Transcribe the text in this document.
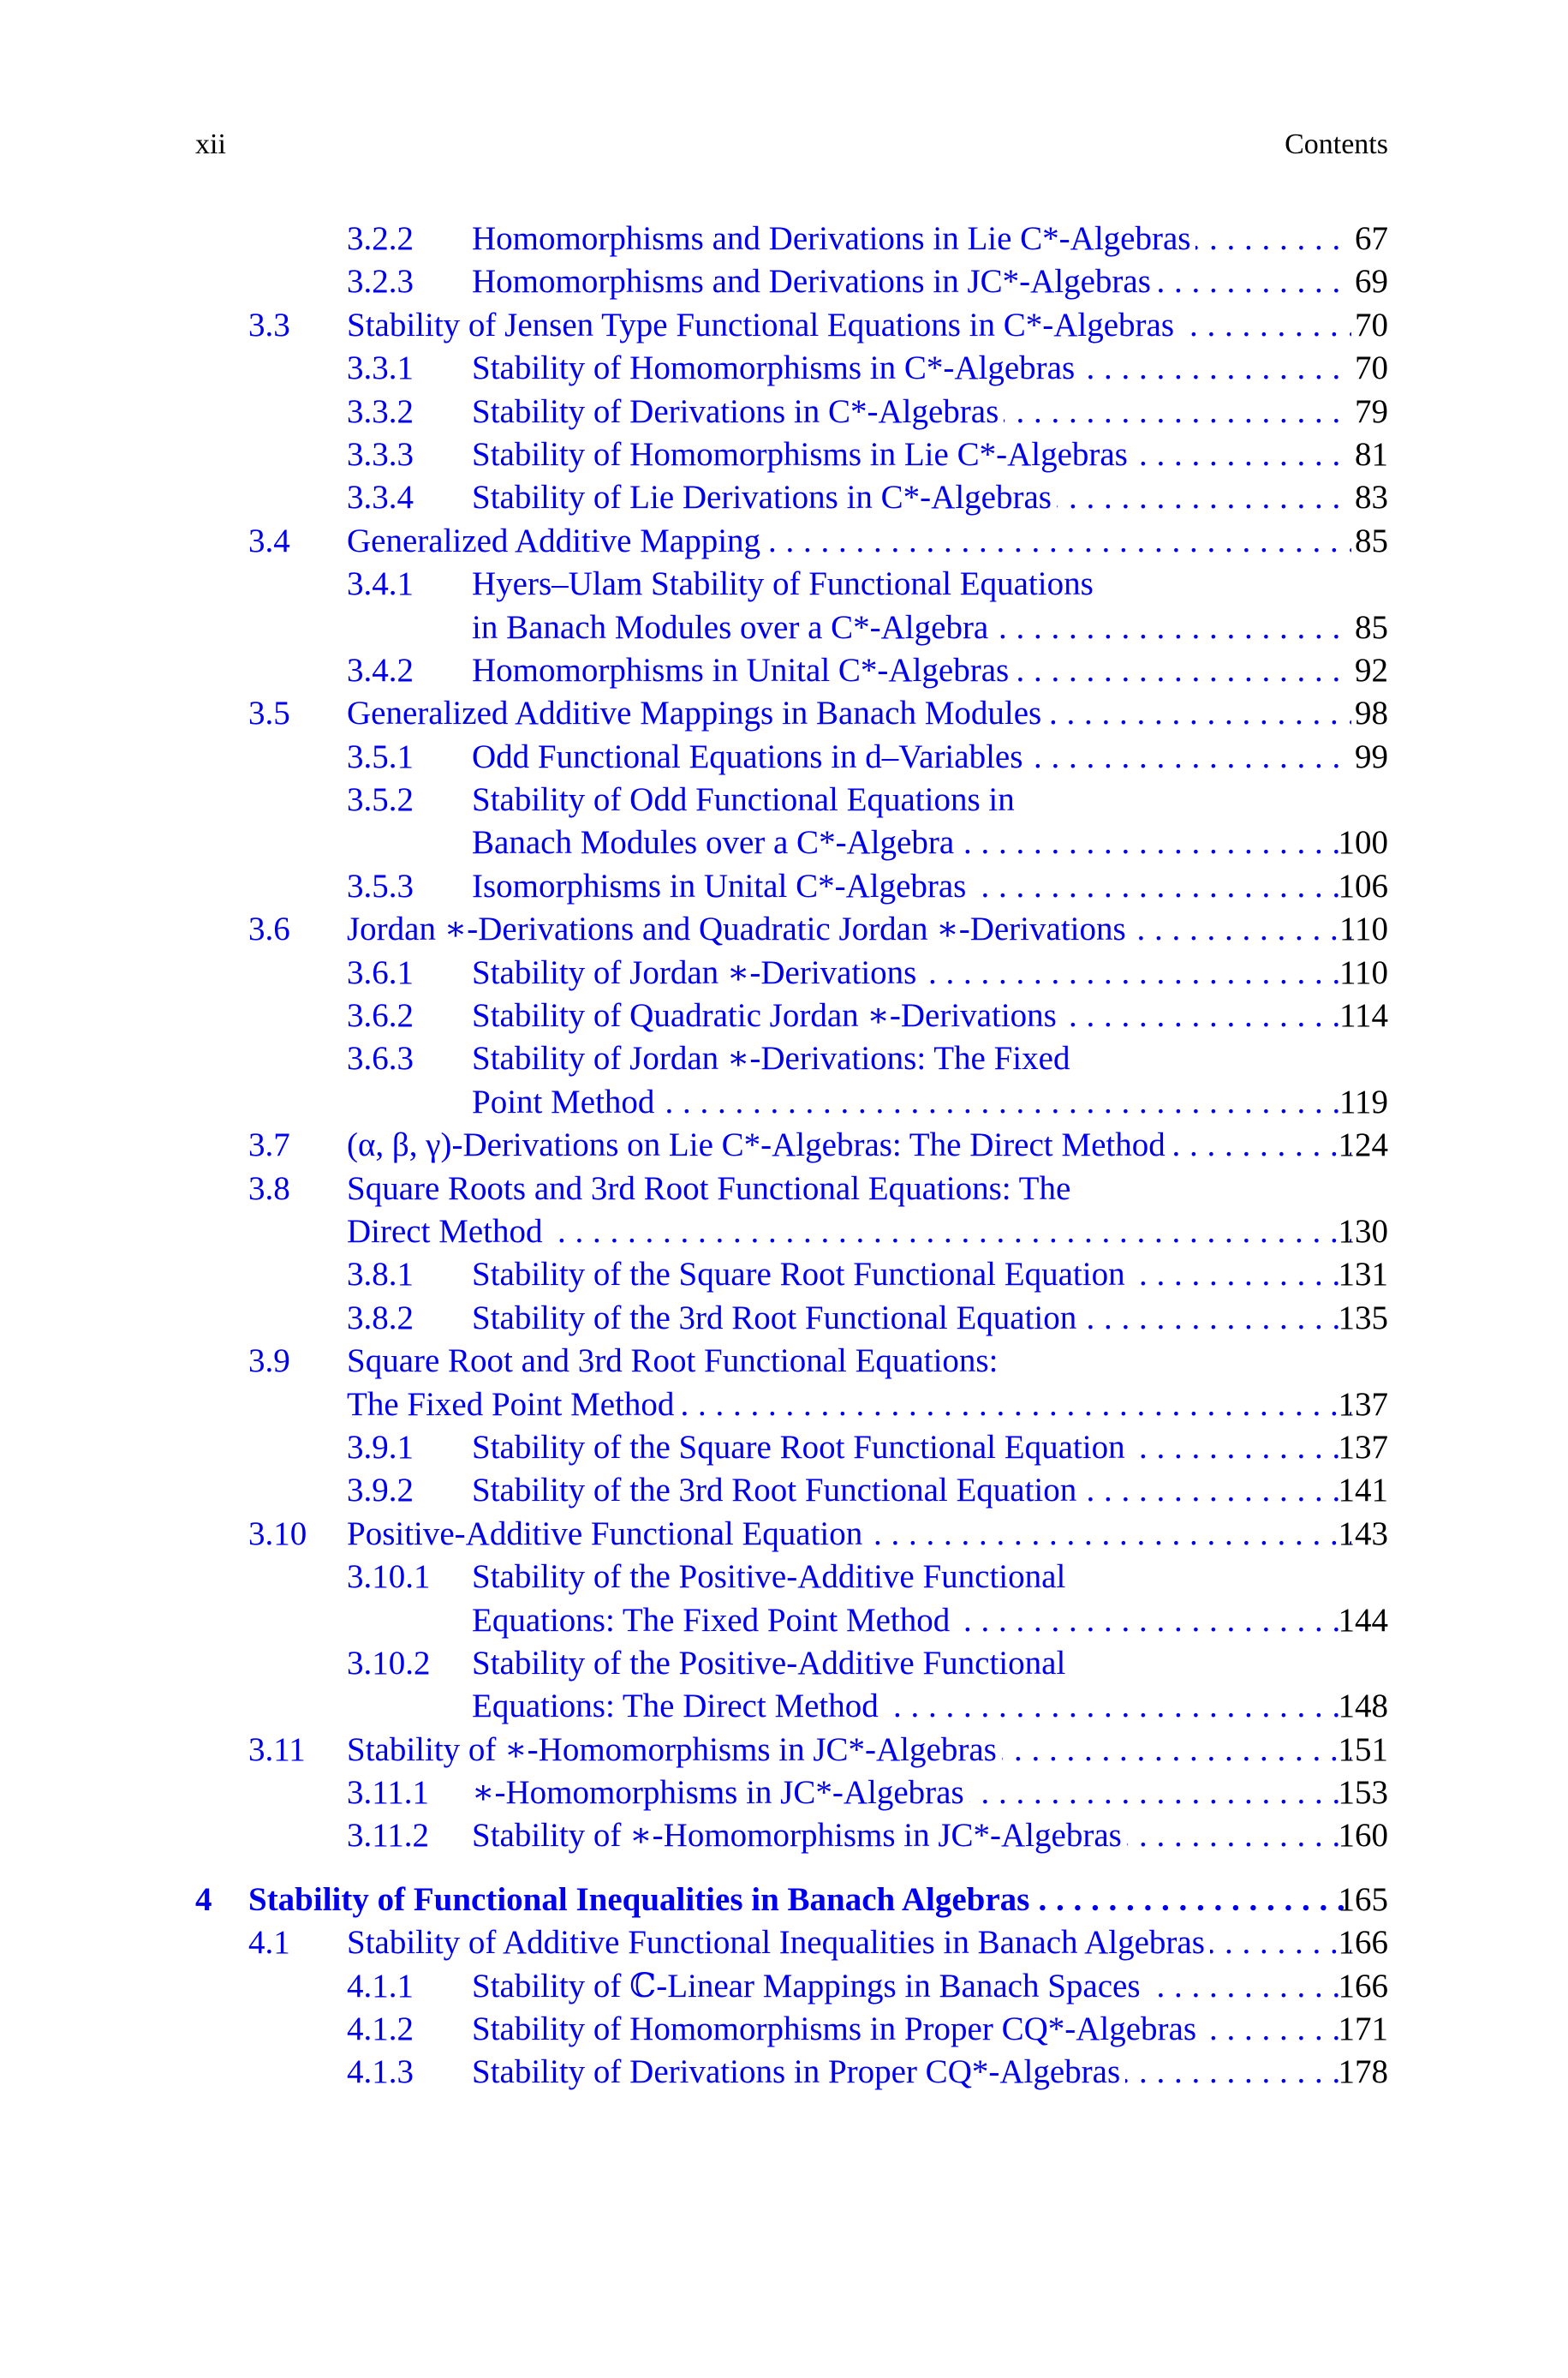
xii	Contents
3.2.2 Homomorphisms and Derivations in Lie C*-Algebras . . .	67
3.2.3 Homomorphisms and Derivations in JC*-Algebras . . .	69
3.3 Stability of Jensen Type Functional Equations in C*-Algebras . . .	70
3.3.1 Stability of Homomorphisms in C*-Algebras . . .	70
3.3.2 Stability of Derivations in C*-Algebras . . .	79
3.3.3 Stability of Homomorphisms in Lie C*-Algebras . . .	81
3.3.4 Stability of Lie Derivations in C*-Algebras . . .	83
3.4 Generalized Additive Mapping . . .	85
3.4.1 Hyers–Ulam Stability of Functional Equations
in Banach Modules over a C*-Algebra . . .	85
3.4.2 Homomorphisms in Unital C*-Algebras . . .	92
3.5 Generalized Additive Mappings in Banach Modules . . .	98
3.5.1 Odd Functional Equations in d–Variables . . .	99
3.5.2 Stability of Odd Functional Equations in
Banach Modules over a C*-Algebra . . .	100
3.5.3 Isomorphisms in Unital C*-Algebras . . .	106
3.6 Jordan ∗-Derivations and Quadratic Jordan ∗-Derivations . . .	110
3.6.1 Stability of Jordan ∗-Derivations . . .	110
3.6.2 Stability of Quadratic Jordan ∗-Derivations . . .	114
3.6.3 Stability of Jordan ∗-Derivations: The Fixed
Point Method . . .	119
3.7 (α, β, γ)-Derivations on Lie C*-Algebras: The Direct Method . . .	124
3.8 Square Roots and 3rd Root Functional Equations: The
Direct Method . . .	130
3.8.1 Stability of the Square Root Functional Equation . . .	131
3.8.2 Stability of the 3rd Root Functional Equation . . .	135
3.9 Square Root and 3rd Root Functional Equations:
The Fixed Point Method . . .	137
3.9.1 Stability of the Square Root Functional Equation . . .	137
3.9.2 Stability of the 3rd Root Functional Equation . . .	141
3.10 Positive-Additive Functional Equation . . .	143
3.10.1 Stability of the Positive-Additive Functional
Equations: The Fixed Point Method . . .	144
3.10.2 Stability of the Positive-Additive Functional
Equations: The Direct Method . . .	148
3.11 Stability of ∗-Homomorphisms in JC*-Algebras . . .	151
3.11.1 ∗-Homomorphisms in JC*-Algebras . . .	153
3.11.2 Stability of ∗-Homomorphisms in JC*-Algebras . . .	160
4 Stability of Functional Inequalities in Banach Algebras . . .	165
4.1 Stability of Additive Functional Inequalities in Banach Algebras . . .	166
4.1.1 Stability of ℂ-Linear Mappings in Banach Spaces . . .	166
4.1.2 Stability of Homomorphisms in Proper CQ*-Algebras . . .	171
4.1.3 Stability of Derivations in Proper CQ*-Algebras . . .	178
